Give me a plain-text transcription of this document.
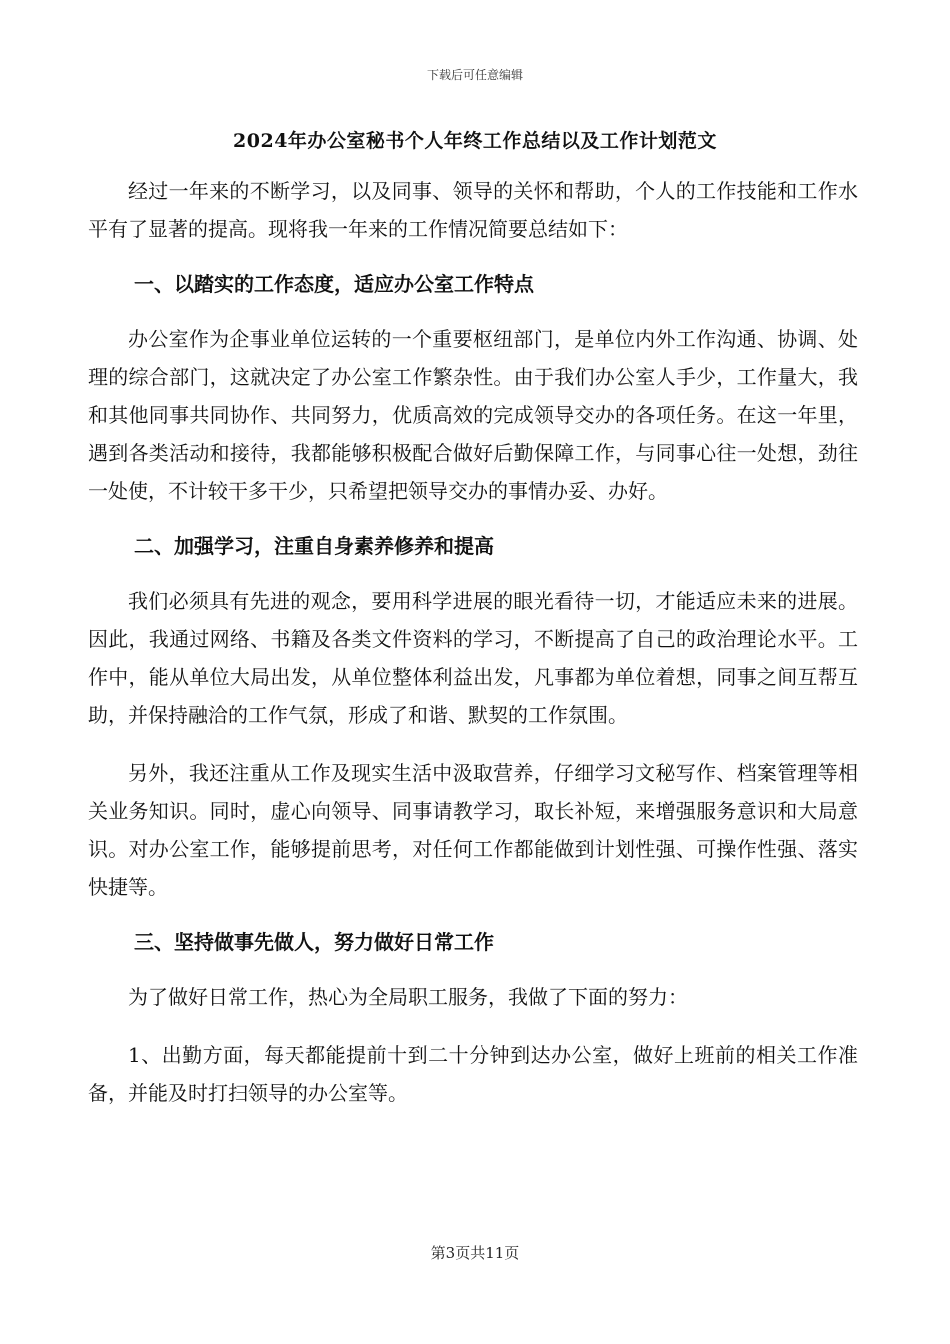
下载后可任意编辑
2024年办公室秘书个人年终工作总结以及工作计划范文

经过一年来的不断学习，以及同事、领导的关怀和帮助，个人的工作技能和工作水平有了显著的提高。现将我一年来的工作情况简要总结如下：

一、以踏实的工作态度，适应办公室工作特点

办公室作为企事业单位运转的一个重要枢纽部门，是单位内外工作沟通、协调、处理的综合部门，这就决定了办公室工作繁杂性。由于我们办公室人手少，工作量大，我和其他同事共同协作、共同努力，优质高效的完成领导交办的各项任务。在这一年里，遇到各类活动和接待，我都能够积极配合做好后勤保障工作，与同事心往一处想，劲往一处使，不计较干多干少，只希望把领导交办的事情办妥、办好。

二、加强学习，注重自身素养修养和提高

我们必须具有先进的观念，要用科学进展的眼光看待一切，才能适应未来的进展。因此，我通过网络、书籍及各类文件资料的学习，不断提高了自己的政治理论水平。工作中，能从单位大局出发，从单位整体利益出发，凡事都为单位着想，同事之间互帮互助，并保持融洽的工作气氛，形成了和谐、默契的工作氛围。

另外，我还注重从工作及现实生活中汲取营养，仔细学习文秘写作、档案管理等相关业务知识。同时，虚心向领导、同事请教学习，取长补短，来增强服务意识和大局意识。对办公室工作，能够提前思考，对任何工作都能做到计划性强、可操作性强、落实快捷等。

三、坚持做事先做人，努力做好日常工作

为了做好日常工作，热心为全局职工服务，我做了下面的努力：

1、出勤方面，每天都能提前十到二十分钟到达办公室，做好上班前的相关工作准备，并能及时打扫领导的办公室等。

第3页共11页
